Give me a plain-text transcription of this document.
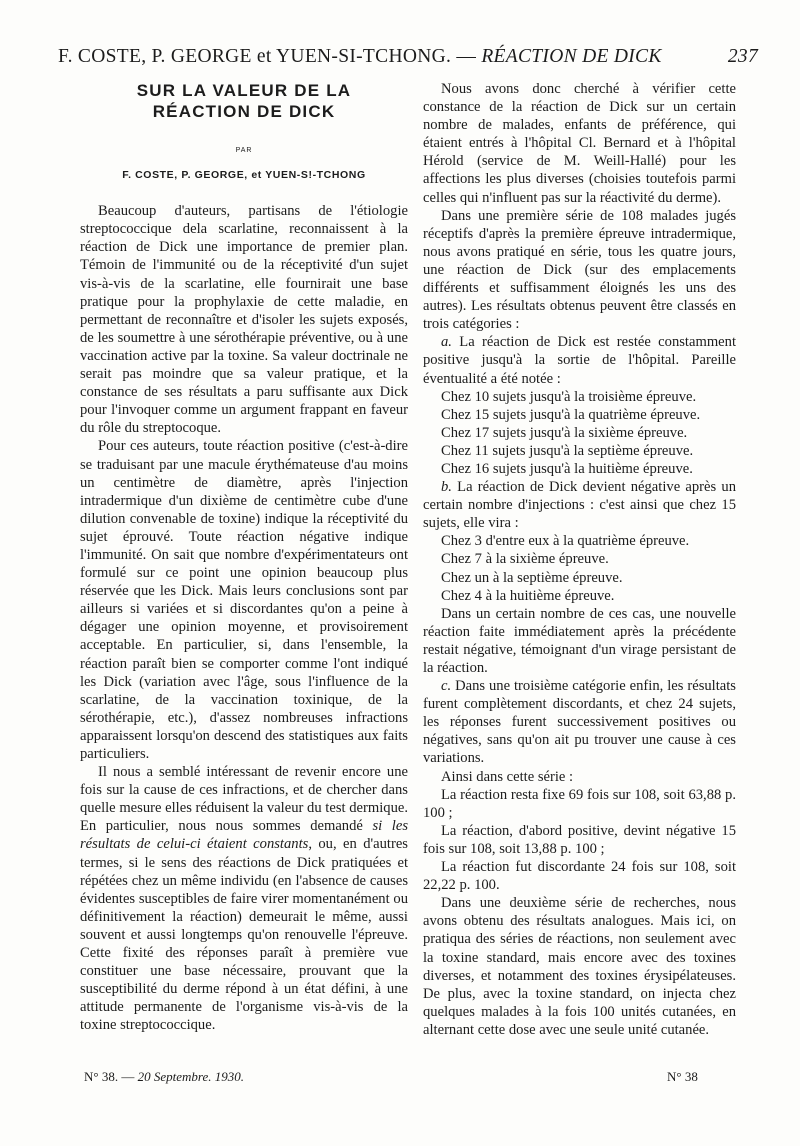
F. COSTE, P. GEORGE et YUEN-SI-TCHONG. — RÉACTION DE DICK	237
SUR LA VALEUR DE LA
RÉACTION DE DICK
PAR
F. COSTE, P. GEORGE, et YUEN-S!-TCHONG

Beaucoup d'auteurs, partisans de l'étiologie streptococcique dela scarlatine, reconnaissent à la réaction de Dick une importance de premier plan. Témoin de l'immunité ou de la réceptivité d'un sujet vis-à-vis de la scarlatine, elle fournirait une base pratique pour la prophylaxie de cette maladie, en permettant de reconnaître et d'isoler les sujets exposés, de les soumettre à une sérothérapie préventive, ou à une vaccination active par la toxine. Sa valeur doctrinale ne serait pas moindre que sa valeur pratique, et la constance de ses résultats a paru suffisante aux Dick pour l'invoquer comme un argument frappant en faveur du rôle du streptocoque.

Pour ces auteurs, toute réaction positive (c'est-à-dire se traduisant par une macule érythémateuse d'au moins un centimètre de diamètre, après l'injection intradermique d'un dixième de centimètre cube d'une dilution convenable de toxine) indique la réceptivité du sujet éprouvé. Toute réaction négative indique l'immunité. On sait que nombre d'expérimentateurs ont formulé sur ce point une opinion beaucoup plus réservée que les Dick. Mais leurs conclusions sont par ailleurs si variées et si discordantes qu'on a peine à dégager une opinion moyenne, et provisoirement acceptable. En particulier, si, dans l'ensemble, la réaction paraît bien se comporter comme l'ont indiqué les Dick (variation avec l'âge, sous l'influence de la scarlatine, de la vaccination toxinique, de la sérothérapie, etc.), d'assez nombreuses infractions apparaissent lorsqu'on descend des statistiques aux faits particuliers.

Il nous a semblé intéressant de revenir encore une fois sur la cause de ces infractions, et de chercher dans quelle mesure elles réduisent la valeur du test dermique. En particulier, nous nous sommes demandé si les résultats de celui-ci étaient constants, ou, en d'autres termes, si le sens des réactions de Dick pratiquées et répétées chez un même individu (en l'absence de causes évidentes susceptibles de faire virer momentanément ou définitivement la réaction) demeurait le même, aussi souvent et aussi longtemps qu'on renouvelle l'épreuve. Cette fixité des réponses paraît à première vue constituer une base nécessaire, prouvant que la susceptibilité du derme répond à un état défini, à une attitude permanente de l'organisme vis-à-vis de la toxine streptococcique.

Nous avons donc cherché à vérifier cette constance de la réaction de Dick sur un certain nombre de malades, enfants de préférence, qui étaient entrés à l'hôpital Cl. Bernard et à l'hôpital Hérold (service de M. Weill-Hallé) pour les affections les plus diverses (choisies toutefois parmi celles qui n'influent pas sur la réactivité du derme).

Dans une première série de 108 malades jugés réceptifs d'après la première épreuve intradermique, nous avons pratiqué en série, tous les quatre jours, une réaction de Dick (sur des emplacements différents et suffisamment éloignés les uns des autres). Les résultats obtenus peuvent être classés en trois catégories :

a. La réaction de Dick est restée constamment positive jusqu'à la sortie de l'hôpital. Pareille éventualité a été notée :

Chez 10 sujets jusqu'à la troisième épreuve.

Chez 15 sujets jusqu'à la quatrième épreuve.

Chez 17 sujets jusqu'à la sixième épreuve.

Chez 11 sujets jusqu'à la septième épreuve.

Chez 16 sujets jusqu'à la huitième épreuve.

b. La réaction de Dick devient négative après un certain nombre d'injections : c'est ainsi que chez 15 sujets, elle vira :

Chez 3 d'entre eux à la quatrième épreuve.

Chez 7 à la sixième épreuve.

Chez un à la septième épreuve.

Chez 4 à la huitième épreuve.

Dans un certain nombre de ces cas, une nouvelle réaction faite immédiatement après la précédente restait négative, témoignant d'un virage persistant de la réaction.

c. Dans une troisième catégorie enfin, les résultats furent complètement discordants, et chez 24 sujets, les réponses furent successivement positives ou négatives, sans qu'on ait pu trouver une cause à ces variations.

Ainsi dans cette série :

La réaction resta fixe 69 fois sur 108, soit 63,88 p. 100 ;

La réaction, d'abord positive, devint négative 15 fois sur 108, soit 13,88 p. 100 ;

La réaction fut discordante 24 fois sur 108, soit 22,22 p. 100.

Dans une deuxième série de recherches, nous avons obtenu des résultats analogues. Mais ici, on pratiqua des séries de réactions, non seulement avec la toxine standard, mais encore avec des toxines diverses, et notamment des toxines érysipélateuses. De plus, avec la toxine standard, on injecta chez quelques malades à la fois 100 unités cutanées, en alternant cette dose avec une seule unité cutanée.

N° 38. — 20 Septembre. 1930.	N° 38
